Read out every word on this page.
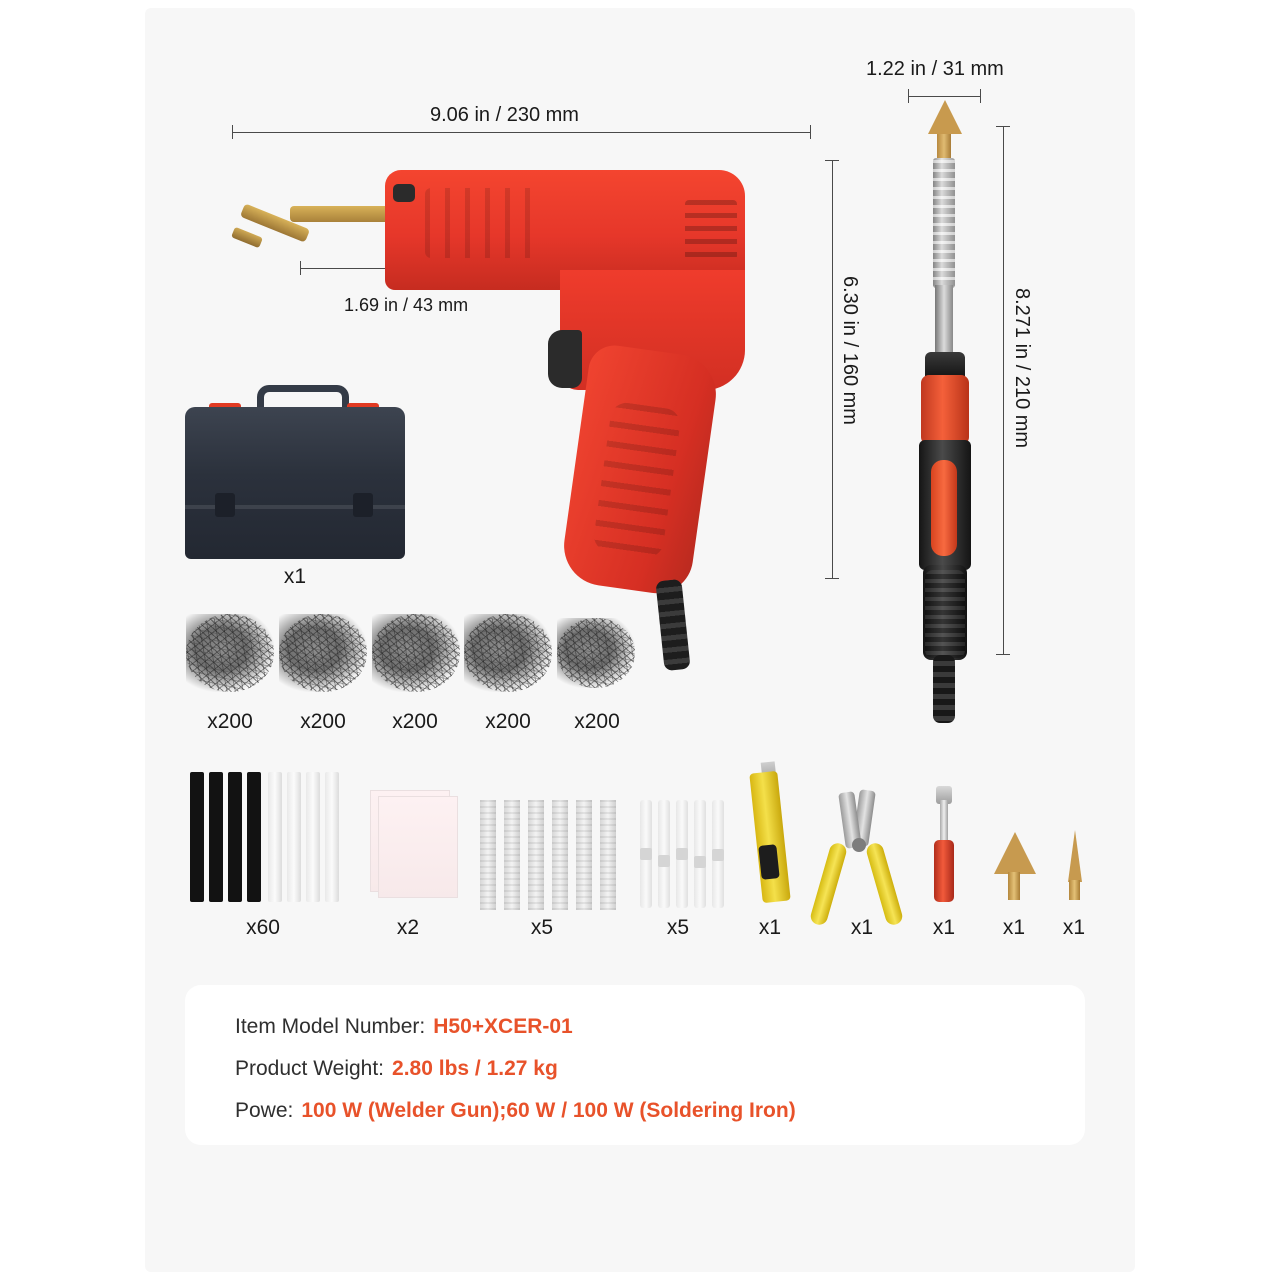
9.06 in / 230 mm
1.22 in / 31 mm
1.69 in / 43 mm	6.30 in / 160 mm	8.271 in / 210 mm
x1
x200	x200	x200	x200	x200
x60	x2	x5	x5	x1	x1	x1	x1	x1
Item Model Number: H50+XCER-01
Product Weight: 2.80 lbs / 1.27 kg
Powe: 100 W (Welder Gun);60 W / 100 W (Soldering Iron)
